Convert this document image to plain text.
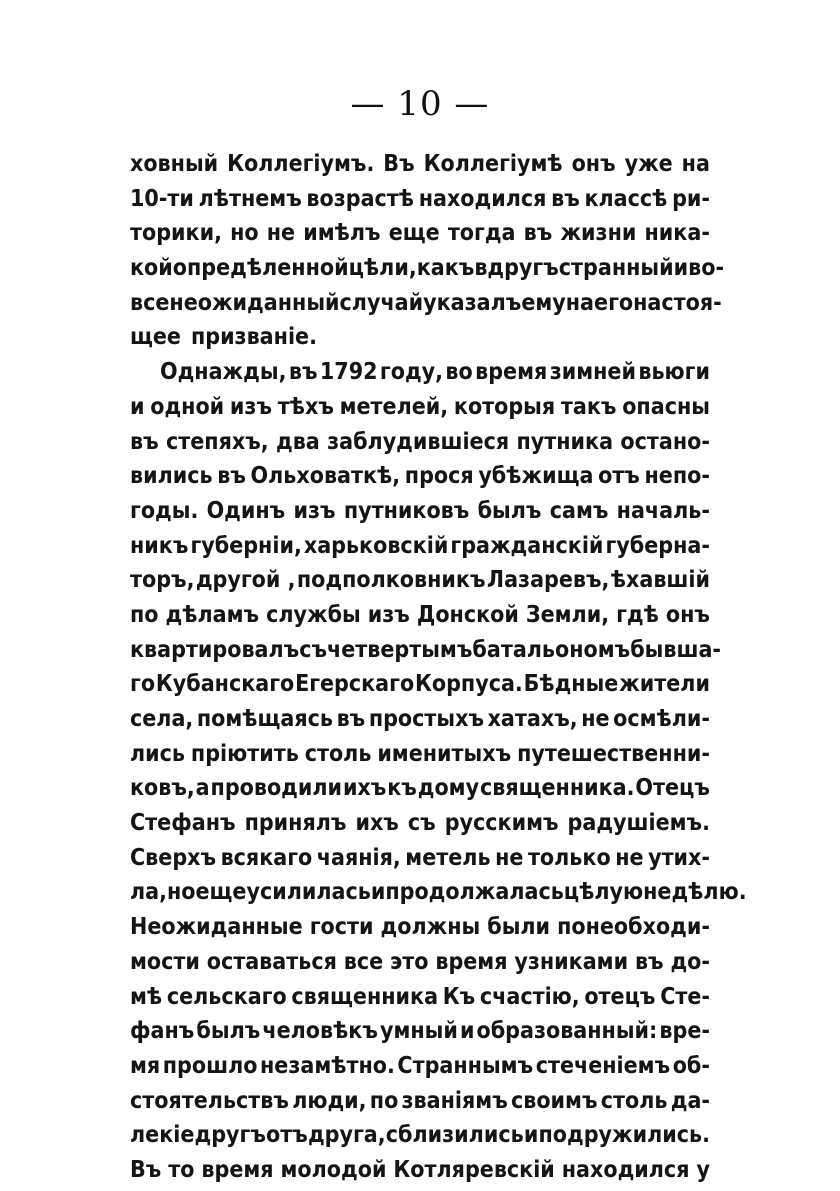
— 10 —
ховный Коллегіумъ. Въ Коллегіумѣ онъ уже на
10-ти лѣтнемъ возрастѣ находился въ классѣ ри-
торики, но не имѣлъ еще тогда въ жизни ника-
кой опредѣленной цѣли, какъ вдругъ странный и во-
все неожиданный случай указалъ ему на его настоя-
щее призваніе.
Однажды, въ 1792 году, во время зимней вьюги
и одной изъ тѣхъ метелей, которыя такъ опасны
въ степяхъ, два заблудившіеся путника остано-
вились въ Ольховаткѣ, прося убѣжища отъ непо-
годы. Одинъ изъ путниковъ былъ самъ началь-
никъ губерніи, харьковскій гражданскій губерна-
торъ, другой , подполковникъ Лазаревъ, ѣхавшій
по дѣламъ службы изъ Донской Земли, гдѣ онъ
квартировалъ съ четвертымъ батальономъ бывша-
го Кубанскаго Егерскаго Корпуса. Бѣдные жители
села, помѣщаясь въ простыхъ хатахъ, не осмѣли-
лись пріютить столь именитыхъ путешественни-
ковъ, а проводили ихъ къ дому священника. Отецъ
Стефанъ принялъ ихъ съ русскимъ радушіемъ.
Сверхъ всякаго чаянія, метель не только не утих-
ла, но еще усилилась и продолжалась цѣлую недѣлю.
Неожиданные гости должны были понеобходи-
мости оставаться все это время узниками въ до-
мѣ сельскаго священника Къ счастію, отецъ Сте-
фанъ былъ человѣкъ умный и образованный: вре-
мя прошло незамѣтно. Страннымъ стеченіемъ об-
стоятельствъ люди, по званіямъ своимъ столь да-
лекіе другъ отъ друга, сблизились и подружились.
Въ то время молодой Котляревскій находился у
